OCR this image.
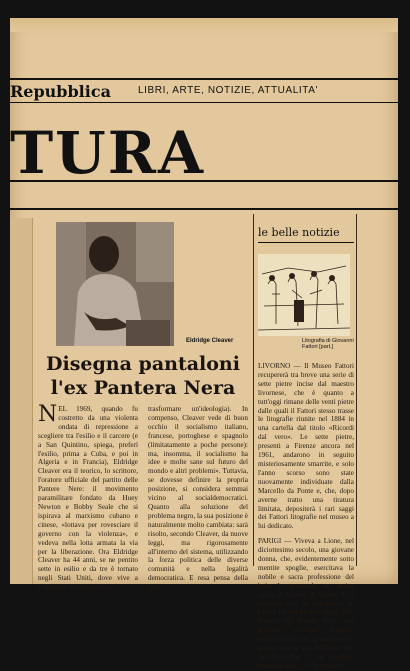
Repubblica	LIBRI, ARTE, NOTIZIE, ATTUALITA'
TURA
Eldridge Cleaver
Disegna pantaloni
l'ex Pantera Nera
NEL 1969, quando fu costretto da una violenta ondata di repressione a scegliere tra l'esilio e il carcere (e a San Quintino, spiega, preferì l'esilio, prima a Cuba, e poi in Algeria e in Francia), Eldridge Cleaver era il teorico, lo scrittore, l'oratore ufficiale del partito delle Pantere Nere: il movimento paramilitare fondato da Huey Newton e Bobby Seale che si ispirava al marxismo cubano e cinese, «lottava per rovesciare il governo con la violenza», e vedeva nella lotta armata la via per la liberazione. Ora Eldridge Cleaver ha 44 anni, se ne pentito sette in esilio e da tre è tornato negli Stati Uniti, dove vive a Oakland con la moglie e i
trasformare un'ideologia). In compenso, Cleaver vede di buon occhio il socialismo italiano, francese, portoghese e spagnolo (limitatamente a poche persone): ma, insomma, il socialismo ha idee e molte sane sul futuro del mondo e altri problemi». Tuttavia, se dovesse definire la propria posizione, si considera semmai vicino al socialdemocratici. Quanto alla soluzione del problema negro, la sua posizione è naturalmente molto cambiata: sarà risolto, secondo Cleaver, da nuove leggi, ma rigorosamente all'interno del sistema, utilizzando la forza politica delle diverse comunità e nella legalità democratica. E resa pensa della reli-
le belle notizie
Litografia di Giovanni Fattori [part.]
LIVORNO — Il Museo Fattori recupererà tra breve una serie di sette pietre incise dal maestro livornese, che è quanto a tutt'oggi rimane delle venti pietre dalle quali il Fattori stesso trasse le litografie riunite nel 1884 in una cartella dal titolo «Ricordi dal vero». Le sette pietre, presenti a Firenze ancora nel 1961, andarono in seguito misteriosamente smarrite, e solo l'anno scorso sono state nuovamente individuate dalla Marcello da Ponte e, che, dopo averne tratto una tiratura limitata, depositerà i rari saggi dei Fattori litografie nel museo a lui dedicato.
PARIGI — Viveva a Lione, nel diciottesimo secolo, una giovane donna, che, evidentemente sotto mentite spoglie, esercitava la nobile e sacra professione del boia. Le tramanda una antica storia di misteri di Lione. È la racconta ora, in «Monsieur de Lyon» (Albin Michel, pagg. 290, franchi 45) Nicole Avril, una giovane scrittrice francese celebre anche per la sua bravura quanto per la sua bellezza. Nel suo bestseller — un autentico romanzo nero — è la maniere
